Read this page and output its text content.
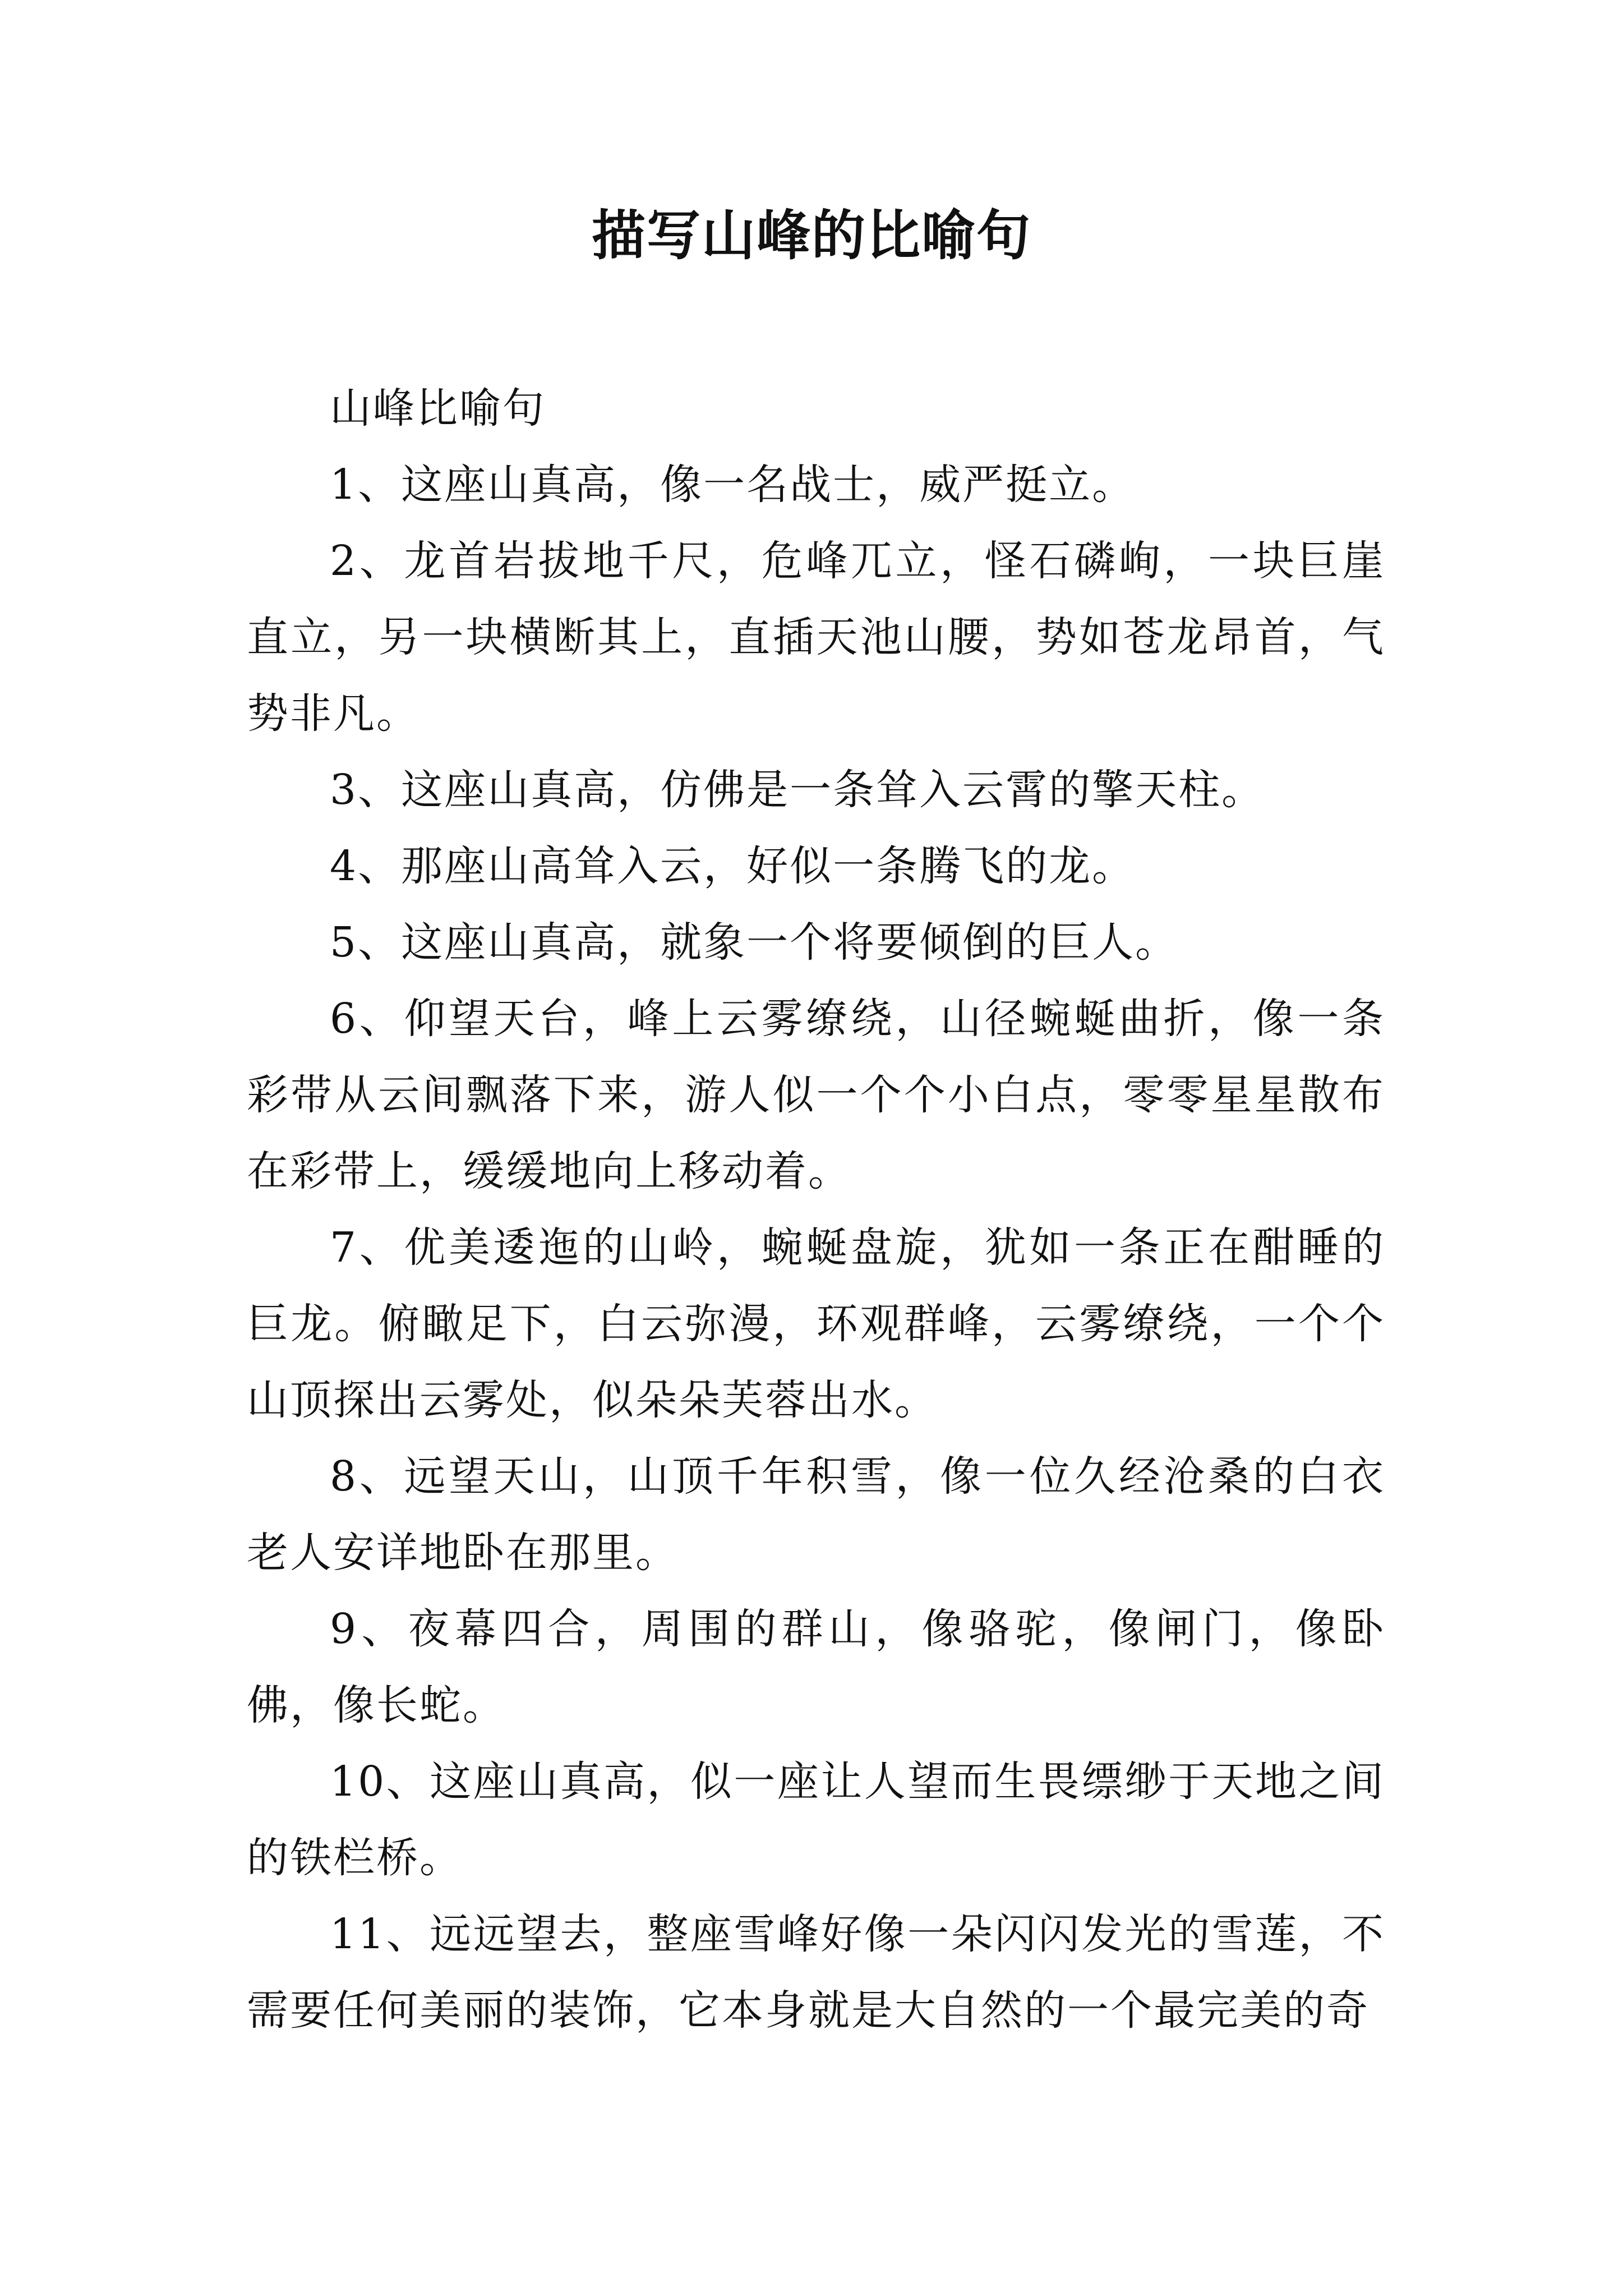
描写山峰的比喻句

山峰比喻句

1、这座山真高，像一名战士，威严挺立。

2、龙首岩拔地千尺，危峰兀立，怪石磷峋，一块巨崖直立，另一块横断其上，直插天池山腰，势如苍龙昂首，气势非凡。

3、这座山真高，仿佛是一条耸入云霄的擎天柱。

4、那座山高耸入云，好似一条腾飞的龙。

5、这座山真高，就象一个将要倾倒的巨人。

6、仰望天台，峰上云雾缭绕，山径蜿蜒曲折，像一条彩带从云间飘落下来，游人似一个个小白点，零零星星散布在彩带上，缓缓地向上移动着。

7、优美逶迤的山岭，蜿蜒盘旋，犹如一条正在酣睡的巨龙。俯瞰足下，白云弥漫，环观群峰，云雾缭绕，一个个山顶探出云雾处，似朵朵芙蓉出水。

8、远望天山，山顶千年积雪，像一位久经沧桑的白衣老人安详地卧在那里。

9、夜幕四合，周围的群山，像骆驼，像闸门，像卧佛，像长蛇。

10、这座山真高，似一座让人望而生畏缥缈于天地之间的铁栏桥。

11、远远望去，整座雪峰好像一朵闪闪发光的雪莲，不需要任何美丽的装饰，它本身就是大自然的一个最完美的奇
